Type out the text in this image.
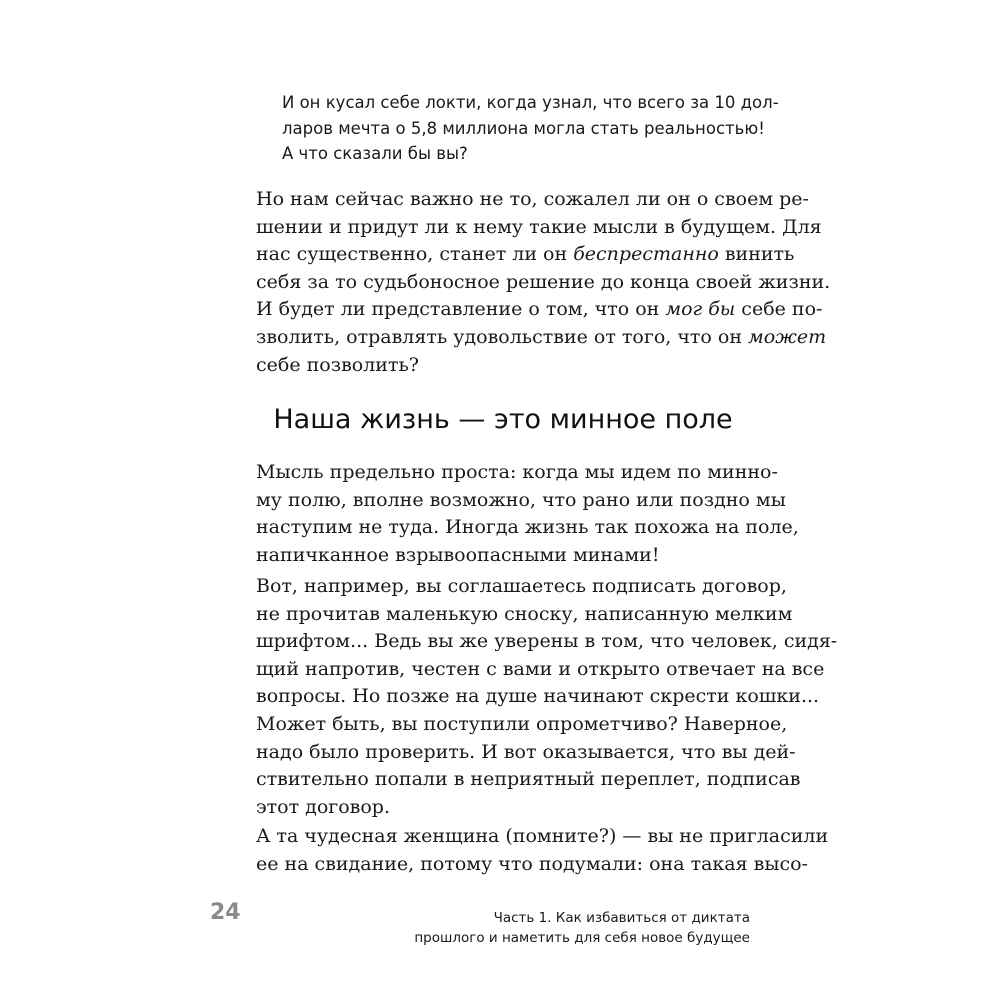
И он кусал себе локти, когда узнал, что всего за 10 дол-
ларов мечта о 5,8 миллиона могла стать реальностью!
А что сказали бы вы?
Но нам сейчас важно не то, сожалел ли он о своем ре-
шении и придут ли к нему такие мысли в будущем. Для
нас существенно, станет ли он беспрестанно винить
себя за то судьбоносное решение до конца своей жизни.
И будет ли представление о том, что он мог бы себе по-
зволить, отравлять удовольствие от того, что он может
себе позволить?
Наша жизнь — это минное поле
Мысль предельно проста: когда мы идем по минно-
му полю, вполне возможно, что рано или поздно мы
наступим не туда. Иногда жизнь так похожа на поле,
напичканное взрывоопасными минами!
Вот, например, вы соглашаетесь подписать договор,
не прочитав маленькую сноску, написанную мелким
шрифтом... Ведь вы же уверены в том, что человек, сидя-
щий напротив, честен с вами и открыто отвечает на все
вопросы. Но позже на душе начинают скрести кошки...
Может быть, вы поступили опрометчиво? Наверное,
надо было проверить. И вот оказывается, что вы дей-
ствительно попали в неприятный переплет, подписав
этот договор.
А та чудесная женщина (помните?) — вы не пригласили
ее на свидание, потому что подумали: она такая высо-
24	Часть 1. Как избавиться от диктата
прошлого и наметить для себя новое будущее
